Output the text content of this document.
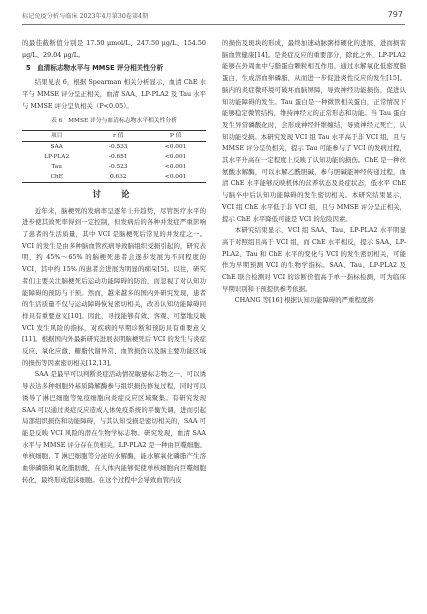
标记免疫分析与临床 2023年4月第30卷第4期	797

的最佳截断值分别是 17.50 μmol/L、247.50 μg/L、154.50 μg/L、29.04 μg/L。

5　血清标志物水平与 MMSE 评分相关性分析

结果见表 6，根据 Spearman 相关分析显示，血清 ChE 水平与 MMSE 评分呈正相关，血清 SAA、LP-PLA2 及 Tau 水平与 MMSE 评分呈负相关（P<0.05）。

表 6　MMSE 评分与血清标志物水平相关性分析
项目	r 值	P 值
SAA	-0.533	<0.001
LP-PLA2	-0.651	<0.001
Tau	-0.523	<0.001
ChE	0.632	<0.001
讨　论

近年来，脑梗死的发病率呈逐年上升趋势，尽管医疗水平的进步使其致死率得到一定控制，但发病后的各种并发症严重影响了患者的生活质量，其中 VCI 是脑梗死后常见的并发症之一。VCI 的发生是由多种脑血管疾病导致脑组织受损引起的，研究表明，约 45%～65% 的脑梗死患者会逐步发展为不同程度的 VCI，其中约 15% 的患者会进展为明显的痴呆[5]。以往，研究者们主要关注脑梗死后运动功能障碍的防治，而忽视了对认知功能障碍的预防与干预。然而，越来越多的国内外研究发现，患者的生活质量不仅与运动障碍恢复密切相关，改善认知功能障碍同样具有重要意义[10]。因此，寻找能够有效、客观、可靠地反映 VCI 发生风险的指标，对疾病的早期诊断和预防具有重要意义[11]。根据国内外最新研究进展表明脑梗死后 VCI 的发生与炎症反应、氧化应激、糖脂代谢异常、血管损伤以及脑主要功能区域的损伤等因素密切相关[12,13]。

SAA 是最早可以判断炎症活动情况敏感标志物之一，可以诱导表达多种细胞外基质降解酶参与组织损伤修复过程，同时可以诱导了淋巴细胞等免疫细胞向炎症反应区域聚集。有研究发现 SAA 可以通过炎症反应造成人体免疫系统的平衡失调，进而引起局部组织损伤和功能障碍，与其认知受损是密切相关的，SAA 可能是反映 VCI 风险的潜在生物学标志物。研究发现，血清 SAA 水平与 MMSE 评分存在负相关。LP-PLA2 是一种由巨噬细胞、单核细胞、T 淋巴细胞等分泌的水解酶，能水解氧化磷脂产生溶血卵磷脂和氧化脂肪酸，在人体内能够促使单核细胞向巨噬细胞转化，最终形成泡沫细胞。在这个过程中会导致血管内皮

的损伤及斑块的形成，最终加速动脉粥样硬化的进展，进而损害脑血管健康[14]。是炎症反应的重要部分，除此之外，LP-PLA2 能够在外周血中与脂蛋白颗粒相互作用，通过水解氧化低密度脂蛋白，生成溶血卵磷脂，从而进一步促进炎性反应的发生[15]。脑内的炎症微环境可破坏血脑屏障，导致神经功能损伤，促进认知功能障碍的发生。Tau 蛋白是一种微管相关蛋白，正常情况下能够稳定微管结构，维持神经元的正常形态和功能。当 Tau 蛋白发生异常磷酸化时，会形成神经纤维缠结，导致神经元死亡，认知功能受损。本研究发现 VCI 组 Tau 水平高于非 VCI 组，且与 MMSE 评分呈负相关，提示 Tau 可能参与了 VCI 的发病过程，其水平升高在一定程度上反映了认知功能的损伤。ChE 是一种丝氨酸水解酶，可以水解乙酰胆碱，参与胆碱能神经传递过程，血清 ChE 水平能够反映机体的营养状态及炎症状态，低水平 ChE 与脑卒中后认知功能障碍的发生密切相关。本研究结果显示，VCI 组 ChE 水平低于非 VCI 组，且与 MMSE 评分呈正相关，提示 ChE 水平降低可能是 VCI 的危险因素。

本研究结果显示，VCI 组 SAA、Tau、LP-PLA2 水平明显高于对照组且高于 VCI 组，而 ChE 水平相反，提示 SAA、LP-PLA2、Tau 和 ChE 水平的变化与 VCI 的发生密切相关，可能作为早期预测 VCI 的生物学指标。SAA、Tau、LP-PLA2 及 ChE 联合检测对 VCI 的诊断价值高于单一指标检测，可为临床早期识别和干预提供参考依据。

CHANG 等[16] 根据认知功能障碍的严重程度将
